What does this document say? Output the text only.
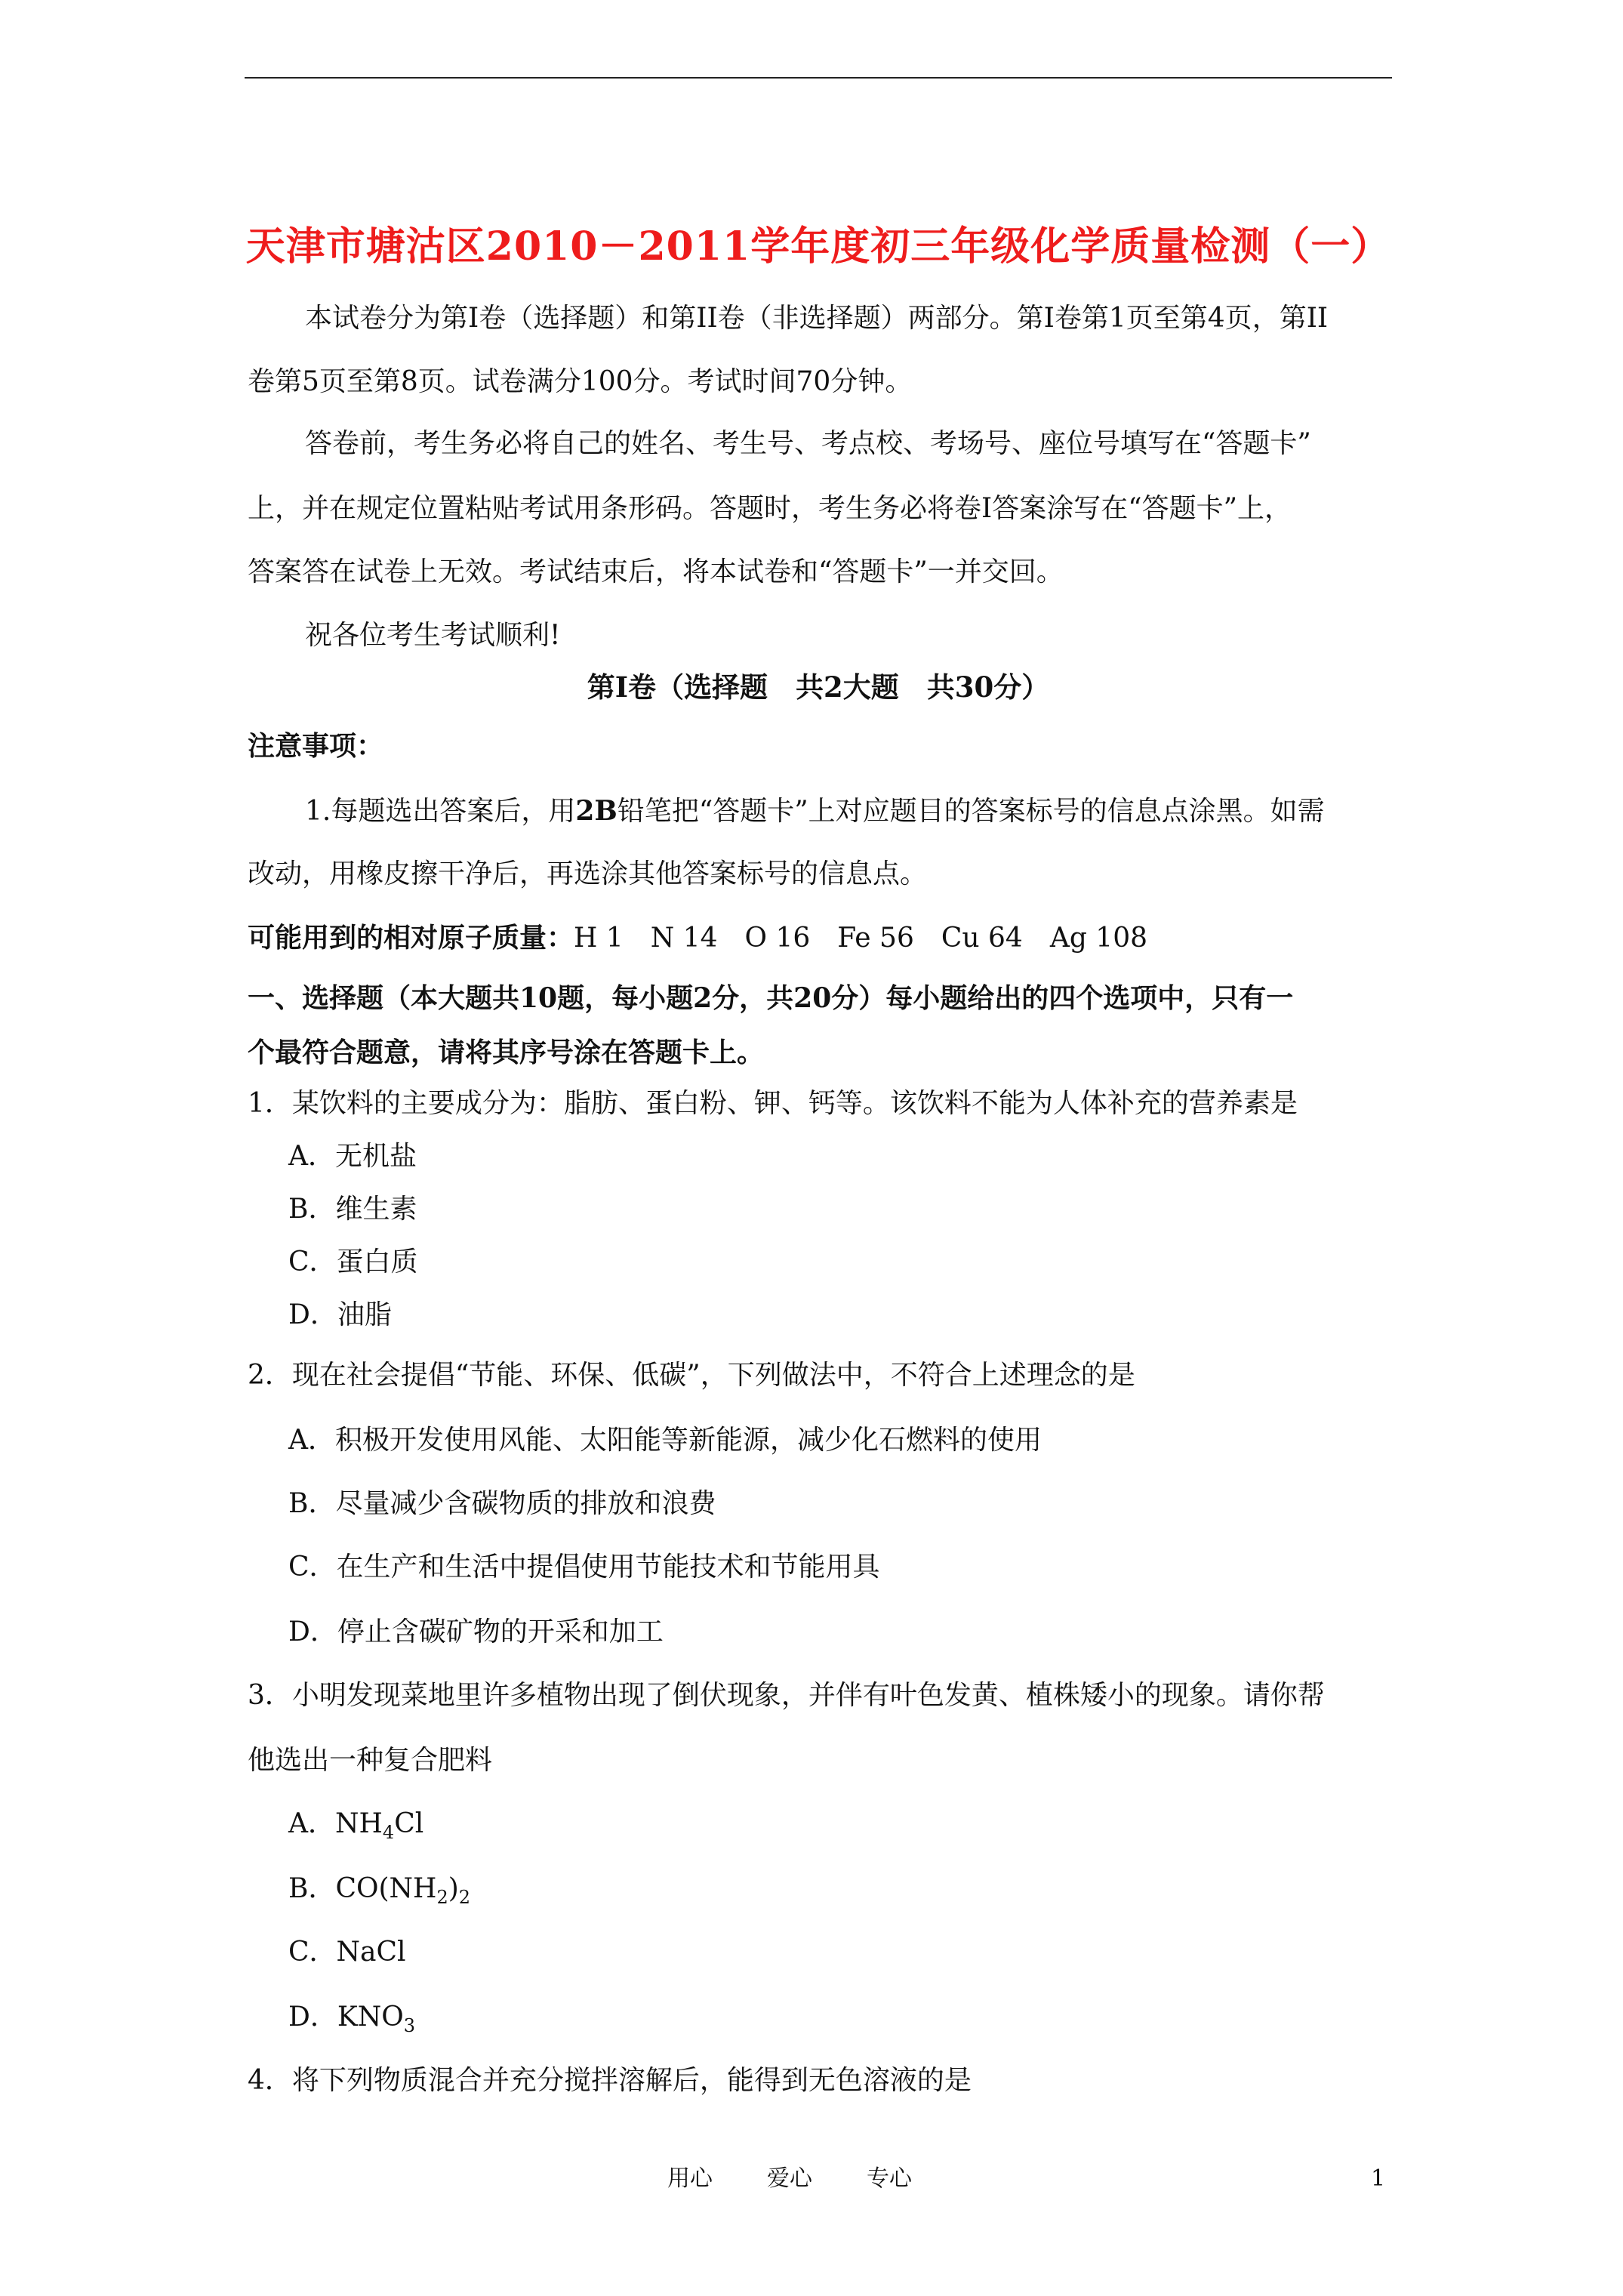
天津市塘沽区2010－2011学年度初三年级化学质量检测（一）
本试卷分为第I卷（选择题）和第II卷（非选择题）两部分。第I卷第1页至第4页，第II
卷第5页至第8页。试卷满分100分。考试时间70分钟。
答卷前，考生务必将自己的姓名、考生号、考点校、考场号、座位号填写在“答题卡”
上，并在规定位置粘贴考试用条形码。答题时，考生务必将卷I答案涂写在“答题卡”上，
答案答在试卷上无效。考试结束后，将本试卷和“答题卡”一并交回。
祝各位考生考试顺利!
第Ⅰ卷（选择题　共2大题　共30分）
注意事项：
1.每题选出答案后，用2B铅笔把“答题卡”上对应题目的答案标号的信息点涂黑。如需
改动，用橡皮擦干净后，再选涂其他答案标号的信息点。
可能用到的相对原子质量：H 1　N 14　O 16　Fe 56　Cu 64　Ag 108
一、选择题（本大题共10题，每小题2分，共20分）每小题给出的四个选项中，只有一
个最符合题意，请将其序号涂在答题卡上。
1．某饮料的主要成分为：脂肪、蛋白粉、钾、钙等。该饮料不能为人体补充的营养素是
A．无机盐
B．维生素
C．蛋白质
D．油脂
2．现在社会提倡“节能、环保、低碳”，下列做法中，不符合上述理念的是
A．积极开发使用风能、太阳能等新能源，减少化石燃料的使用
B．尽量减少含碳物质的排放和浪费
C．在生产和生活中提倡使用节能技术和节能用具
D．停止含碳矿物的开采和加工
3．小明发现菜地里许多植物出现了倒伏现象，并伴有叶色发黄、植株矮小的现象。请你帮
他选出一种复合肥料
A．$NH_4Cl$
B．$CO(NH_2)_2$
C．NaCl
D．$KNO_3$
4．将下列物质混合并充分搅拌溶解后，能得到无色溶液的是
用心 爱心 专心	1
